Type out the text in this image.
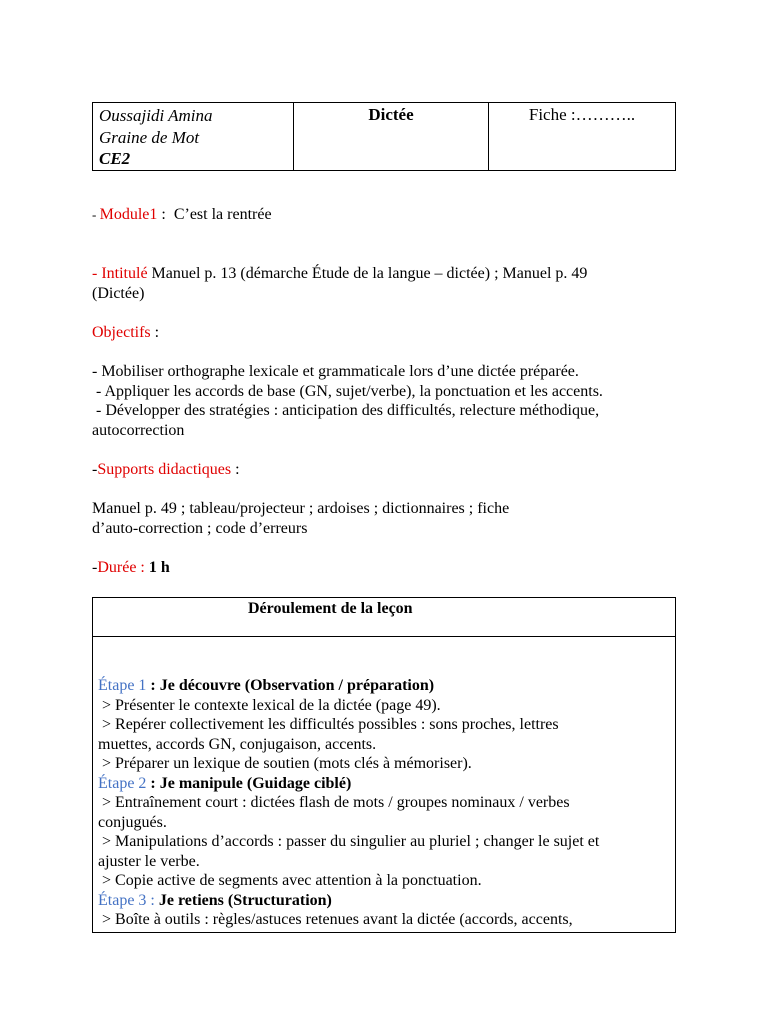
Oussajidi Amina
Graine de Mot
CE2
	Dictée	Fiche :………..
- Module1 :  C’est la rentrée
- Intitulé Manuel p. 13 (démarche Étude de la langue – dictée) ; Manuel p. 49
(Dictée)
Objectifs :
- Mobiliser orthographe lexicale et grammaticale lors d’une dictée préparée.
- Appliquer les accords de base (GN, sujet/verbe), la ponctuation et les accents.
- Développer des stratégies : anticipation des difficultés, relecture méthodique,
autocorrection
-Supports didactiques :
Manuel p. 49 ; tableau/projecteur ; ardoises ; dictionnaires ; fiche
d’auto-correction ; code d’erreurs
-Durée : 1 h
Déroulement de la leçon
Étape 1 : Je découvre (Observation / préparation)
> Présenter le contexte lexical de la dictée (page 49).
> Repérer collectivement les difficultés possibles : sons proches, lettres
muettes, accords GN, conjugaison, accents.
> Préparer un lexique de soutien (mots clés à mémoriser).
Étape 2 : Je manipule (Guidage ciblé)
> Entraînement court : dictées flash de mots / groupes nominaux / verbes
conjugués.
> Manipulations d’accords : passer du singulier au pluriel ; changer le sujet et
ajuster le verbe.
> Copie active de segments avec attention à la ponctuation.
Étape 3 : Je retiens (Structuration)
> Boîte à outils : règles/astuces retenues avant la dictée (accords, accents,
